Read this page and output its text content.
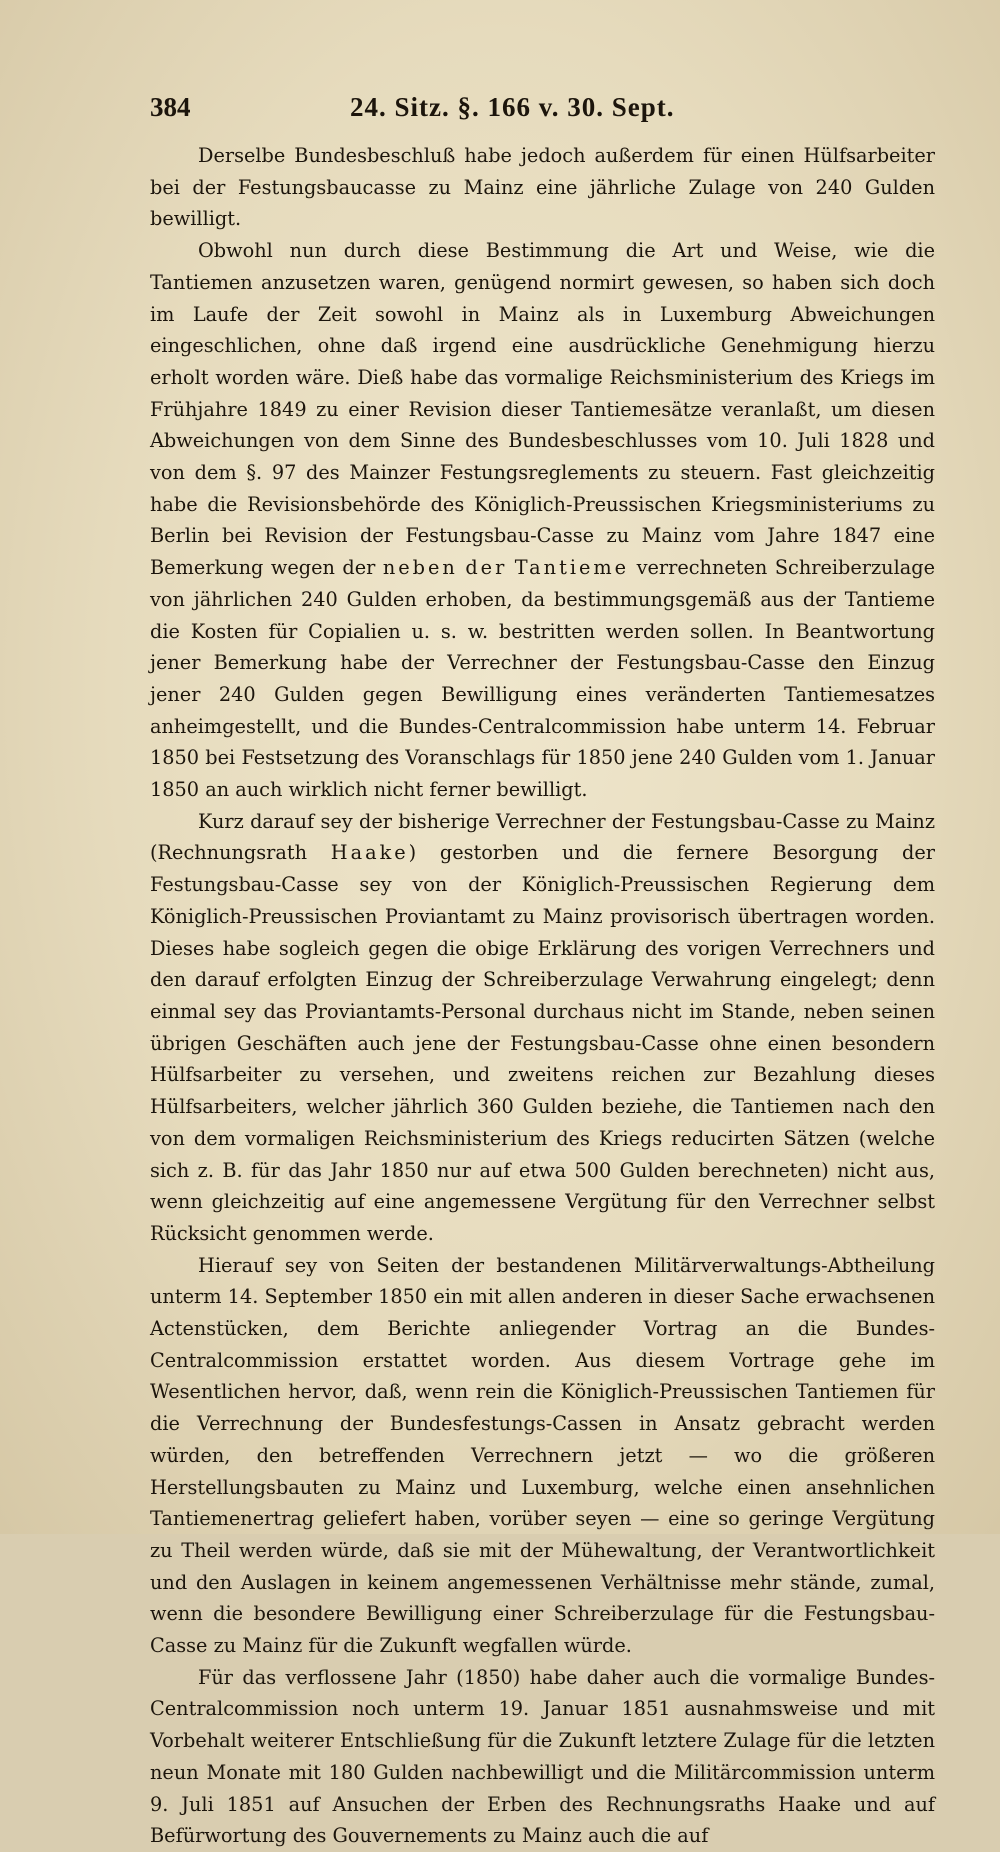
384	24. Sitz. §. 166 v. 30. Sept.

Derselbe Bundesbeschluß habe jedoch außerdem für einen Hülfsarbeiter bei der Festungsbaucasse zu Mainz eine jährliche Zulage von 240 Gulden bewilligt.

Obwohl nun durch diese Bestimmung die Art und Weise, wie die Tantiemen anzusetzen waren, genügend normirt gewesen, so haben sich doch im Laufe der Zeit sowohl in Mainz als in Luxemburg Abweichungen eingeschlichen, ohne daß irgend eine ausdrückliche Genehmigung hierzu erholt worden wäre. Dieß habe das vormalige Reichsministerium des Kriegs im Frühjahre 1849 zu einer Revision dieser Tantiemesätze veranlaßt, um diesen Abweichungen von dem Sinne des Bundesbeschlusses vom 10. Juli 1828 und von dem §. 97 des Mainzer Festungsreglements zu steuern. Fast gleichzeitig habe die Revisionsbehörde des Königlich-Preussischen Kriegsministeriums zu Berlin bei Revision der Festungsbau-Casse zu Mainz vom Jahre 1847 eine Bemerkung wegen der neben der Tantieme verrechneten Schreiberzulage von jährlichen 240 Gulden erhoben, da bestimmungsgemäß aus der Tantieme die Kosten für Copialien u. s. w. bestritten werden sollen. In Beantwortung jener Bemerkung habe der Verrechner der Festungsbau-Casse den Einzug jener 240 Gulden gegen Bewilligung eines veränderten Tantiemesatzes anheimgestellt, und die Bundes-Centralcommission habe unterm 14. Februar 1850 bei Festsetzung des Voranschlags für 1850 jene 240 Gulden vom 1. Januar 1850 an auch wirklich nicht ferner bewilligt.

Kurz darauf sey der bisherige Verrechner der Festungsbau-Casse zu Mainz (Rechnungsrath Haake) gestorben und die fernere Besorgung der Festungsbau-Casse sey von der Königlich-Preussischen Regierung dem Königlich-Preussischen Proviantamt zu Mainz provisorisch übertragen worden. Dieses habe sogleich gegen die obige Erklärung des vorigen Verrechners und den darauf erfolgten Einzug der Schreiberzulage Verwahrung eingelegt; denn einmal sey das Proviantamts-Personal durchaus nicht im Stande, neben seinen übrigen Geschäften auch jene der Festungsbau-Casse ohne einen besondern Hülfsarbeiter zu versehen, und zweitens reichen zur Bezahlung dieses Hülfsarbeiters, welcher jährlich 360 Gulden beziehe, die Tantiemen nach den von dem vormaligen Reichsministerium des Kriegs reducirten Sätzen (welche sich z. B. für das Jahr 1850 nur auf etwa 500 Gulden berechneten) nicht aus, wenn gleichzeitig auf eine angemessene Vergütung für den Verrechner selbst Rücksicht genommen werde.

Hierauf sey von Seiten der bestandenen Militärverwaltungs-Abtheilung unterm 14. September 1850 ein mit allen anderen in dieser Sache erwachsenen Actenstücken, dem Berichte anliegender Vortrag an die Bundes-Centralcommission erstattet worden. Aus diesem Vortrage gehe im Wesentlichen hervor, daß, wenn rein die Königlich-Preussischen Tantiemen für die Verrechnung der Bundesfestungs-Cassen in Ansatz gebracht werden würden, den betreffenden Verrechnern jetzt — wo die größeren Herstellungsbauten zu Mainz und Luxemburg, welche einen ansehnlichen Tantiemenertrag geliefert haben, vorüber seyen — eine so geringe Vergütung zu Theil werden würde, daß sie mit der Mühewaltung, der Verantwortlichkeit und den Auslagen in keinem angemessenen Verhältnisse mehr stände, zumal, wenn die besondere Bewilligung einer Schreiberzulage für die Festungsbau-Casse zu Mainz für die Zukunft wegfallen würde.

Für das verflossene Jahr (1850) habe daher auch die vormalige Bundes-Centralcommission noch unterm 19. Januar 1851 ausnahmsweise und mit Vorbehalt weiterer Entschließung für die Zukunft letztere Zulage für die letzten neun Monate mit 180 Gulden nachbewilligt und die Militärcommission unterm 9. Juli 1851 auf Ansuchen der Erben des Rechnungsraths Haake und auf Befürwortung des Gouvernements zu Mainz auch die auf
